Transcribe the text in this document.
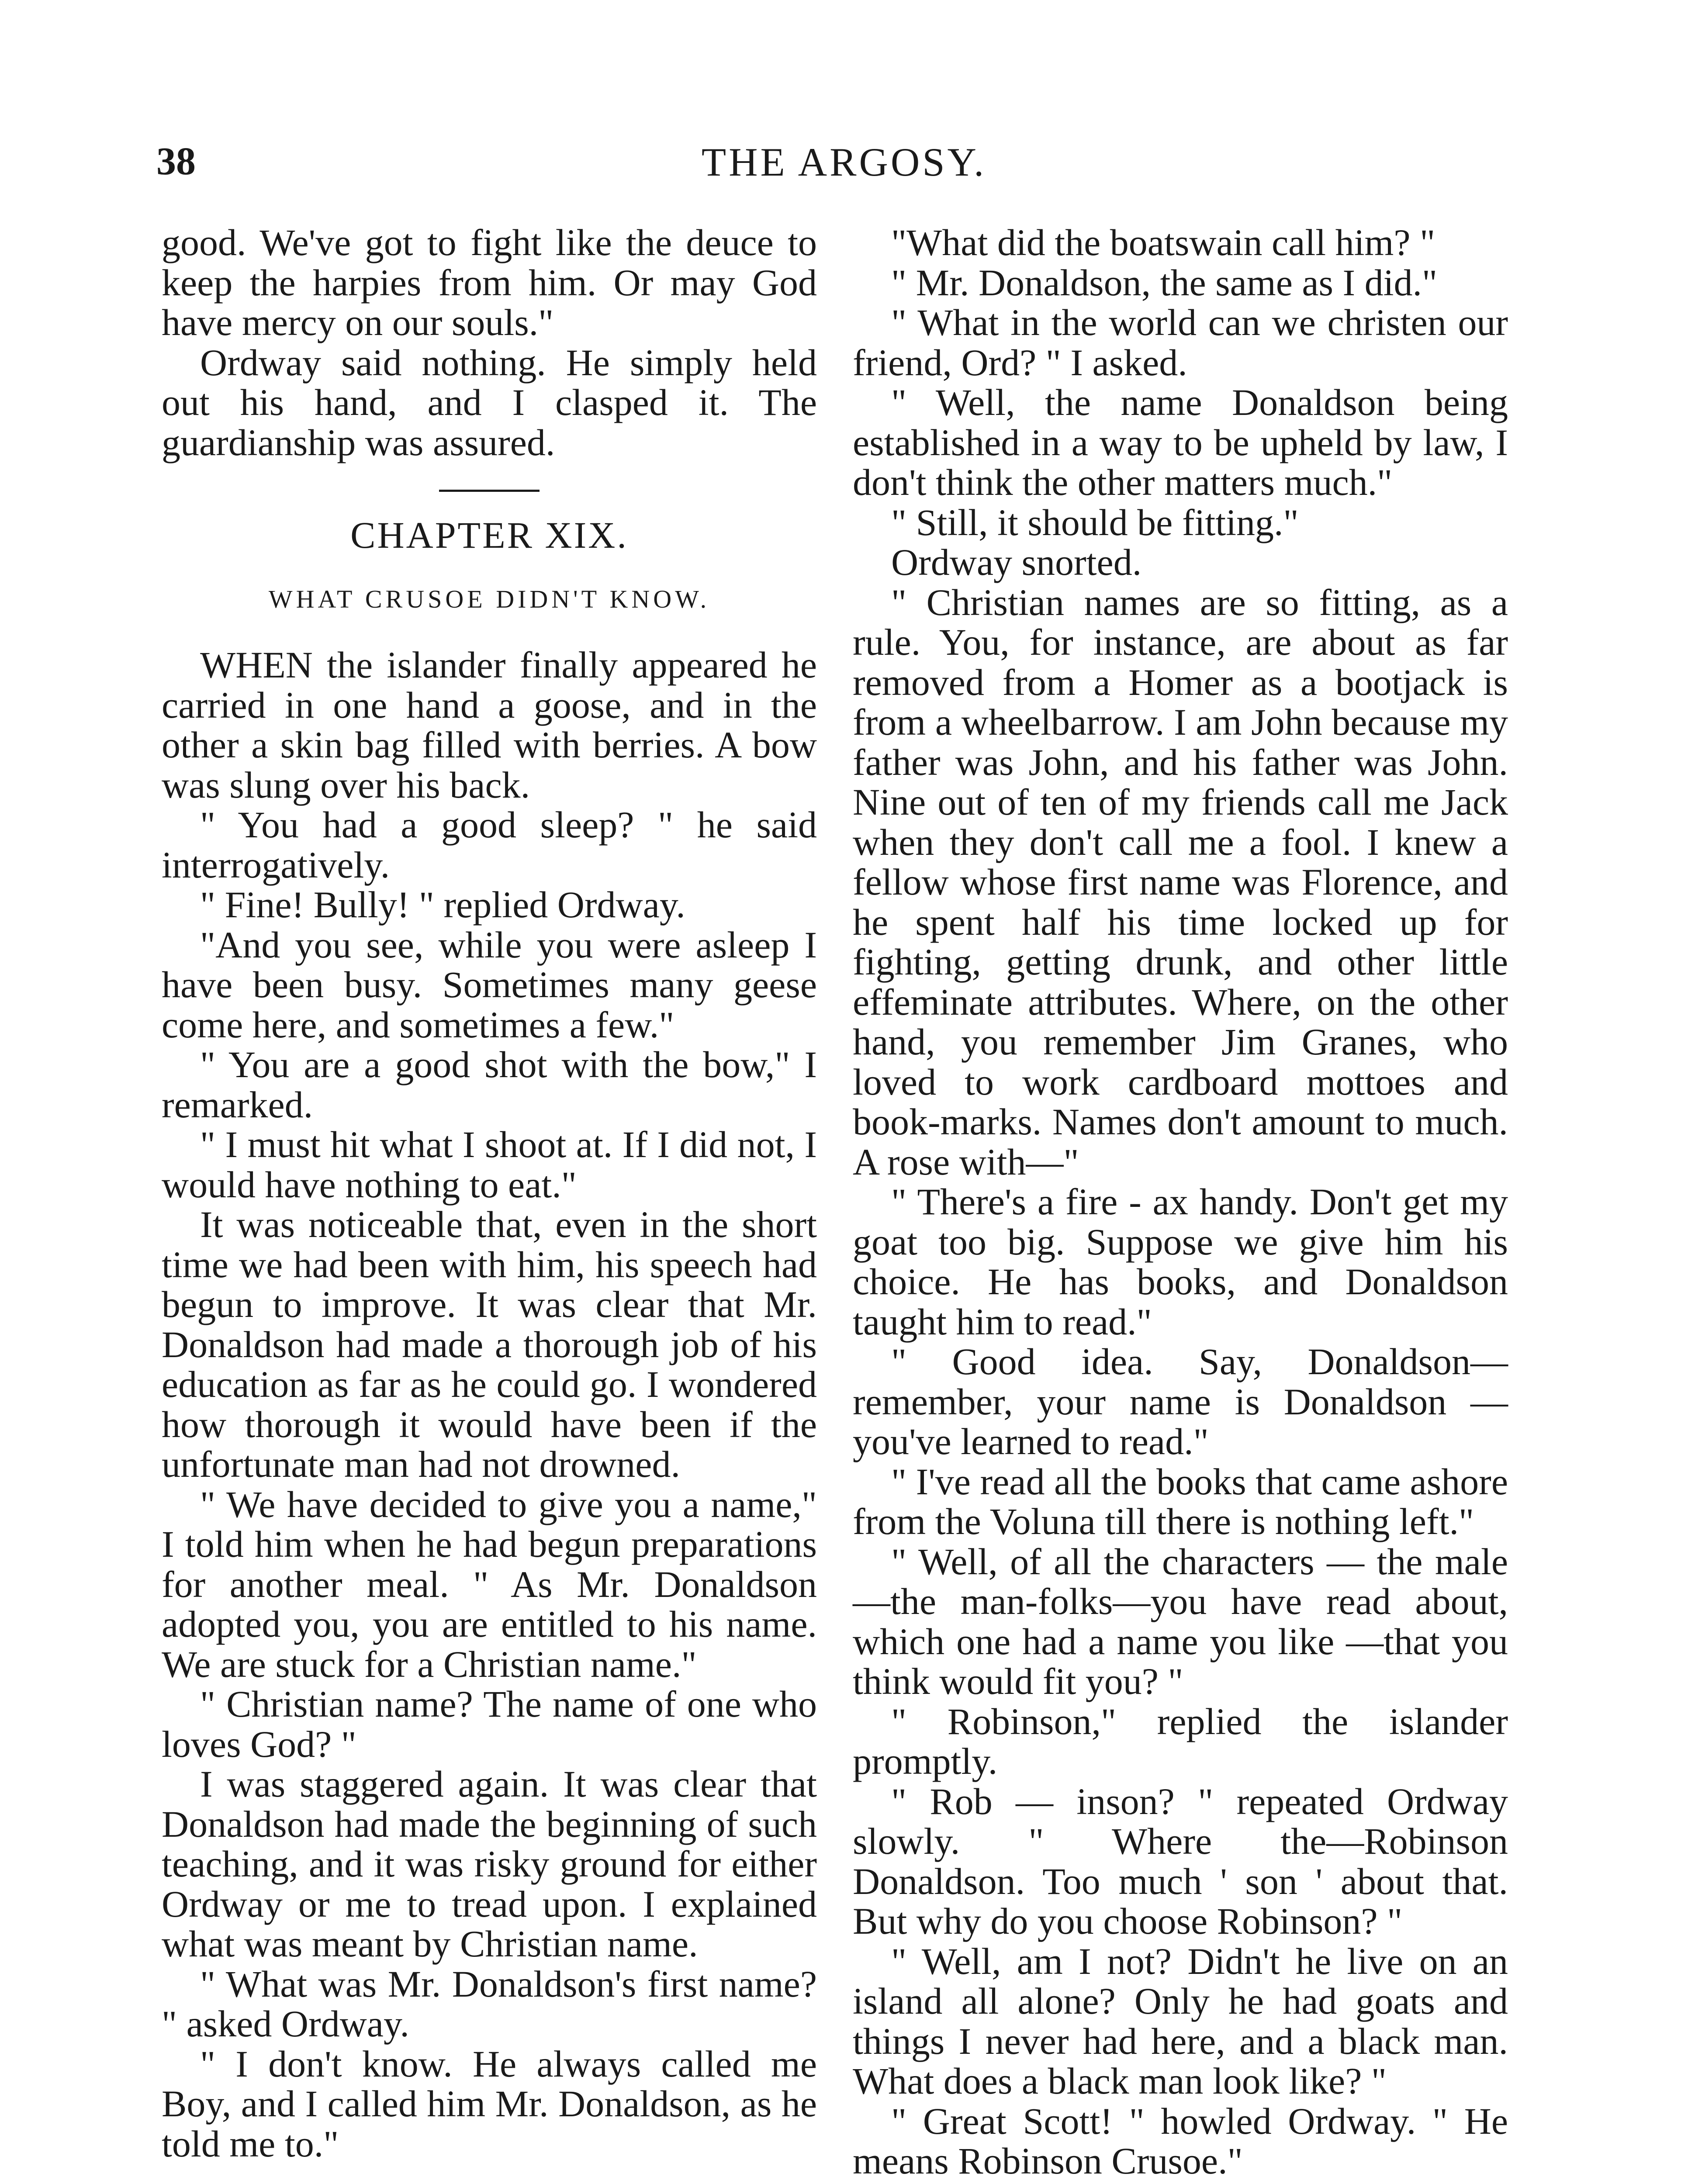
38	THE ARGOSY.

good. We've got to fight like the deuce to keep the harpies from him. Or may God have mercy on our souls."

Ordway said nothing. He simply held out his hand, and I clasped it. The guardianship was assured.

CHAPTER XIX.
WHAT CRUSOE DIDN'T KNOW.

WHEN the islander finally appeared he carried in one hand a goose, and in the other a skin bag filled with berries. A bow was slung over his back.

" You had a good sleep? " he said interrogatively.

" Fine! Bully! " replied Ordway.

"And you see, while you were asleep I have been busy. Sometimes many geese come here, and sometimes a few."

" You are a good shot with the bow," I remarked.

" I must hit what I shoot at. If I did not, I would have nothing to eat."

It was noticeable that, even in the short time we had been with him, his speech had begun to improve. It was clear that Mr. Donaldson had made a thorough job of his education as far as he could go. I wondered how thorough it would have been if the unfortunate man had not drowned.

" We have decided to give you a name," I told him when he had begun preparations for another meal. " As Mr. Donaldson adopted you, you are entitled to his name. We are stuck for a Christian name."

" Christian name? The name of one who loves God? "

I was staggered again. It was clear that Donaldson had made the beginning of such teaching, and it was risky ground for either Ordway or me to tread upon. I explained what was meant by Christian name.

" What was Mr. Donaldson's first name? " asked Ordway.

" I don't know. He always called me Boy, and I called him Mr. Donaldson, as he told me to."

"What did the boatswain call him? "

" Mr. Donaldson, the same as I did."

" What in the world can we christen our friend, Ord? " I asked.

" Well, the name Donaldson being established in a way to be upheld by law, I don't think the other matters much."

" Still, it should be fitting."

Ordway snorted.

" Christian names are so fitting, as a rule. You, for instance, are about as far removed from a Homer as a bootjack is from a wheelbarrow. I am John because my father was John, and his father was John. Nine out of ten of my friends call me Jack when they don't call me a fool. I knew a fellow whose first name was Florence, and he spent half his time locked up for fighting, getting drunk, and other little effeminate attributes. Where, on the other hand, you remember Jim Granes, who loved to work cardboard mottoes and book-marks. Names don't amount to much. A rose with—"

" There's a fire - ax handy. Don't get my goat too big. Suppose we give him his choice. He has books, and Donaldson taught him to read."

" Good idea. Say, Donaldson—remember, your name is Donaldson — you've learned to read."

" I've read all the books that came ashore from the Voluna till there is nothing left."

" Well, of all the characters — the male—the man-folks—you have read about, which one had a name you like —that you think would fit you? "

" Robinson," replied the islander promptly.

" Rob — inson? " repeated Ordway slowly. " Where the—Robinson Donaldson. Too much ' son ' about that. But why do you choose Robinson? "

" Well, am I not? Didn't he live on an island all alone? Only he had goats and things I never had here, and a black man. What does a black man look like? "

" Great Scott! " howled Ordway. " He means Robinson Crusoe."
